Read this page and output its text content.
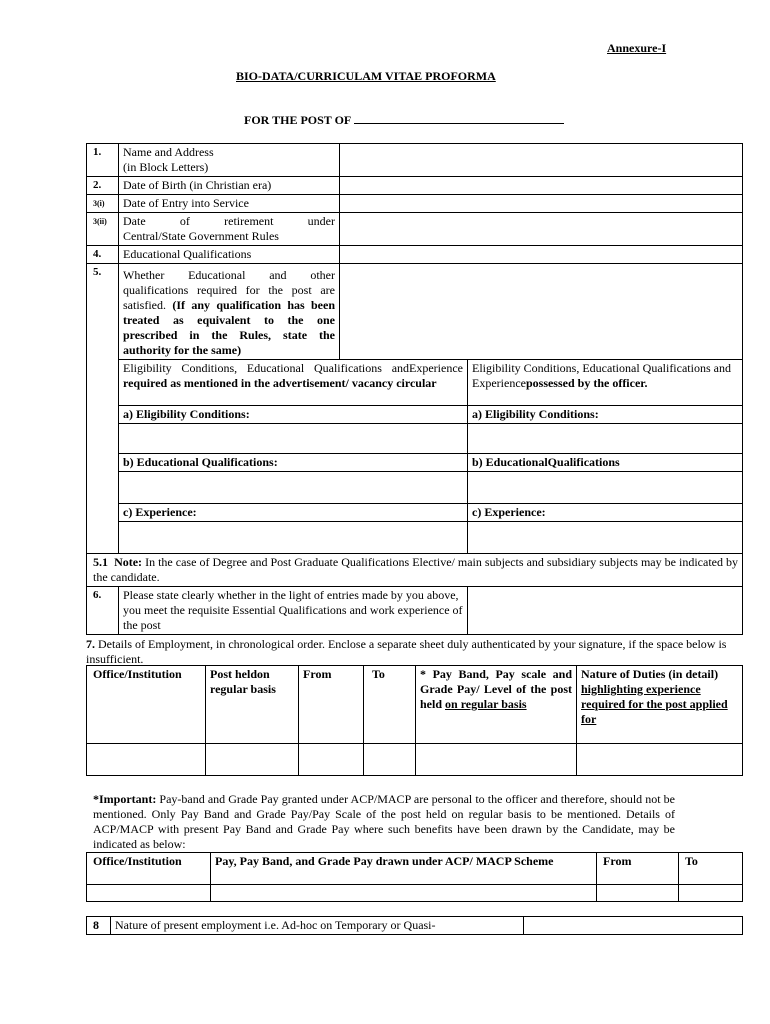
Annexure-I
BIO-DATA/CURRICULAM VITAE PROFORMA
FOR THE POST OF
1.	Name and Address
(in Block Letters)		

2.	Date of Birth (in Christian era)		
3(i)	Date of Entry into Service		
3(ii)	Date of retirement under
Central/State Government Rules		

4.	Educational Qualifications		
5.	Whether Educational and other qualifications required for the post are satisfied. (If any qualification has been treated as equivalent to the one prescribed in the Rules, state the authority for the same)		
	Eligibility Conditions, Educational Qualifications andExperience required as mentioned in the advertisement/ vacancy circular		Eligibility Conditions, Educational Qualifications and Experiencepossessed by the officer.
	a) Eligibility Conditions:		a) Eligibility Conditions:

	b) Educational Qualifications:		b) EducationalQualifications

	c) Experience:		c) Experience:

5.1 Note: In the case of Degree and Post Graduate Qualifications Elective/ main subjects and subsidiary subjects may be indicated by the candidate.			
6.	Please state clearly whether in the light of entries made by you above, you meet the requisite Essential Qualifications and work experience of the post		
7. Details of Employment, in chronological order. Enclose a separate sheet duly authenticated by your signature, if the space below is insufficient.
Office/Institution	Post heldon regular basis	From	To	* Pay Band, Pay scale and Grade Pay/ Level of the post held on regular basis	Nature of Duties (in detail) highlighting experience required for the post applied for

*Important: Pay-band and Grade Pay granted under ACP/MACP are personal to the officer and therefore, should not be mentioned. Only Pay Band and Grade Pay/Pay Scale of the post held on regular basis to be mentioned. Details of ACP/MACP with present Pay Band and Grade Pay where such benefits have been drawn by the Candidate, may be indicated as below:
Office/Institution	Pay, Pay Band, and Grade Pay drawn under ACP/ MACP Scheme	From	To

8	Nature of present employment i.e. Ad-hoc on Temporary or Quasi-	
